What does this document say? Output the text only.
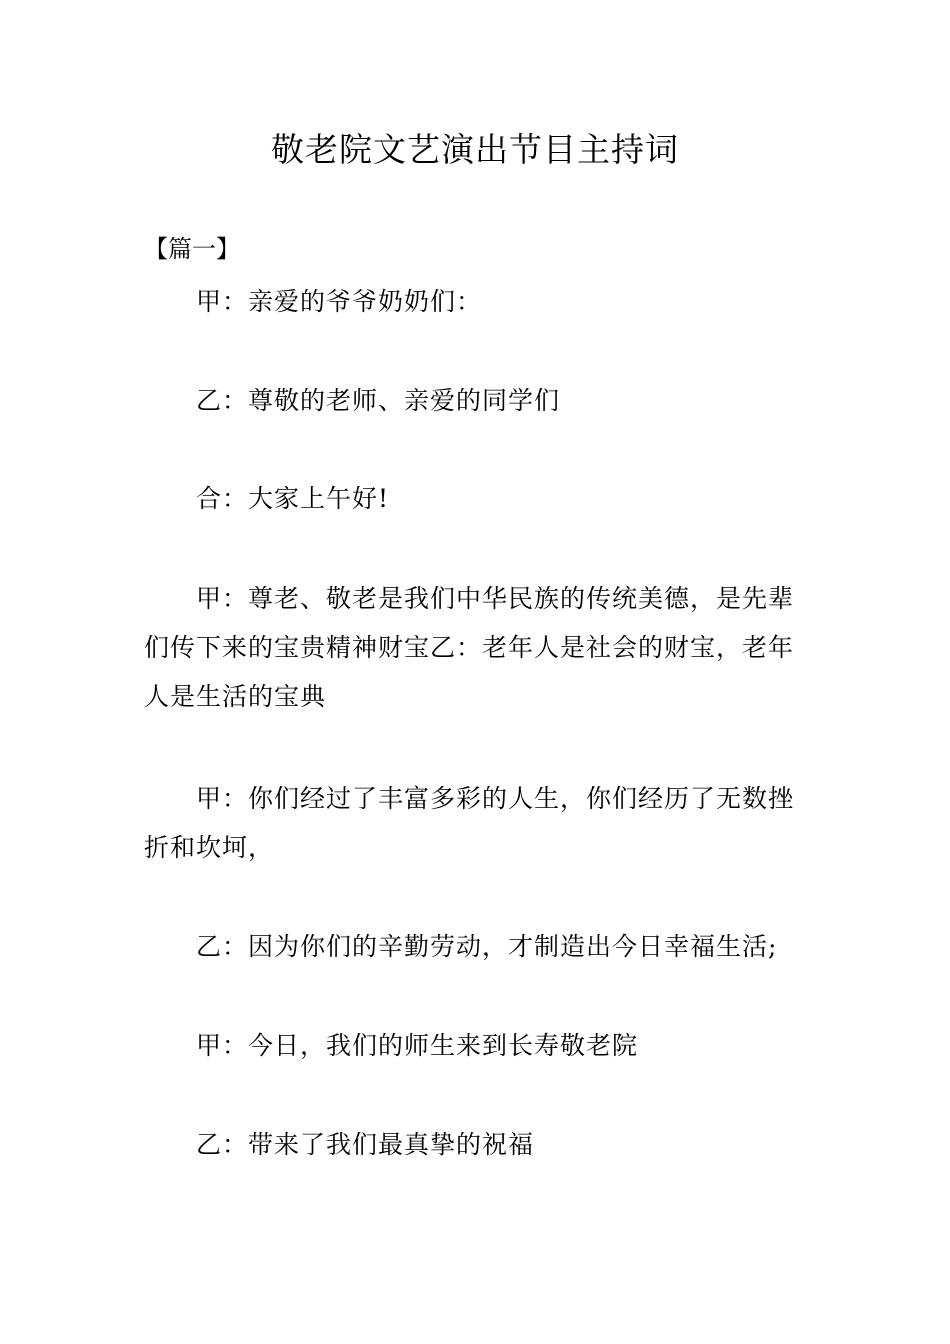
敬老院文艺演出节目主持词
【篇一】

甲：亲爱的爷爷奶奶们：

乙：尊敬的老师、亲爱的同学们

合：大家上午好!

甲：尊老、敬老是我们中华民族的传统美德，是先辈们传下来的宝贵精神财宝乙：老年人是社会的财宝，老年人是生活的宝典

甲：你们经过了丰富多彩的人生，你们经历了无数挫折和坎坷，

乙：因为你们的辛勤劳动，才制造出今日幸福生活;

甲：今日，我们的师生来到长寿敬老院

乙：带来了我们最真挚的祝福
